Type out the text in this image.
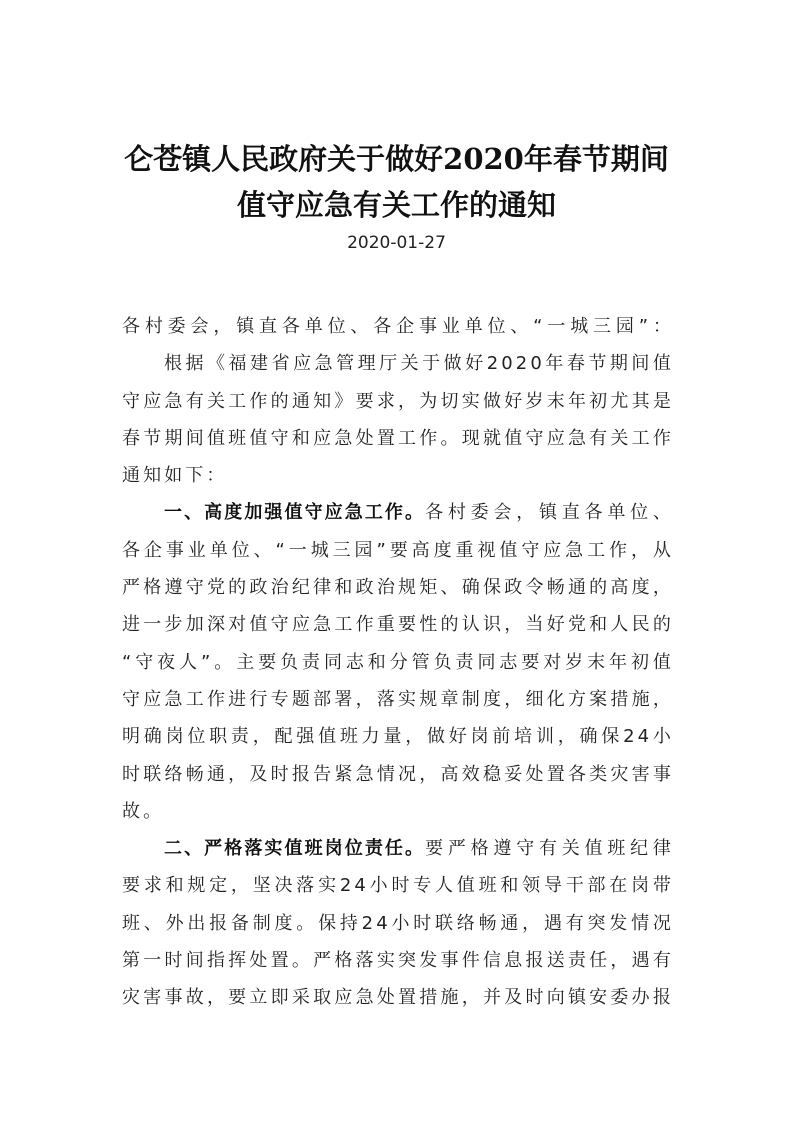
仑苍镇人民政府关于做好2020年春节期间
值守应急有关工作的通知
2020-01-27
各村委会，镇直各单位、各企事业单位、“一城三园”：
根据《福建省应急管理厅关于做好2020年春节期间值
守应急有关工作的通知》要求，为切实做好岁末年初尤其是
春节期间值班值守和应急处置工作。现就值守应急有关工作
通知如下：
一、高度加强值守应急工作。各村委会，镇直各单位、
各企事业单位、“一城三园”要高度重视值守应急工作，从
严格遵守党的政治纪律和政治规矩、确保政令畅通的高度，
进一步加深对值守应急工作重要性的认识，当好党和人民的
“守夜人”。主要负责同志和分管负责同志要对岁末年初值
守应急工作进行专题部署，落实规章制度，细化方案措施，
明确岗位职责，配强值班力量，做好岗前培训，确保24小
时联络畅通，及时报告紧急情况，高效稳妥处置各类灾害事
故。
二、严格落实值班岗位责任。要严格遵守有关值班纪律
要求和规定，坚决落实24小时专人值班和领导干部在岗带
班、外出报备制度。保持24小时联络畅通，遇有突发情况
第一时间指挥处置。严格落实突发事件信息报送责任，遇有
灾害事故，要立即采取应急处置措施，并及时向镇安委办报
